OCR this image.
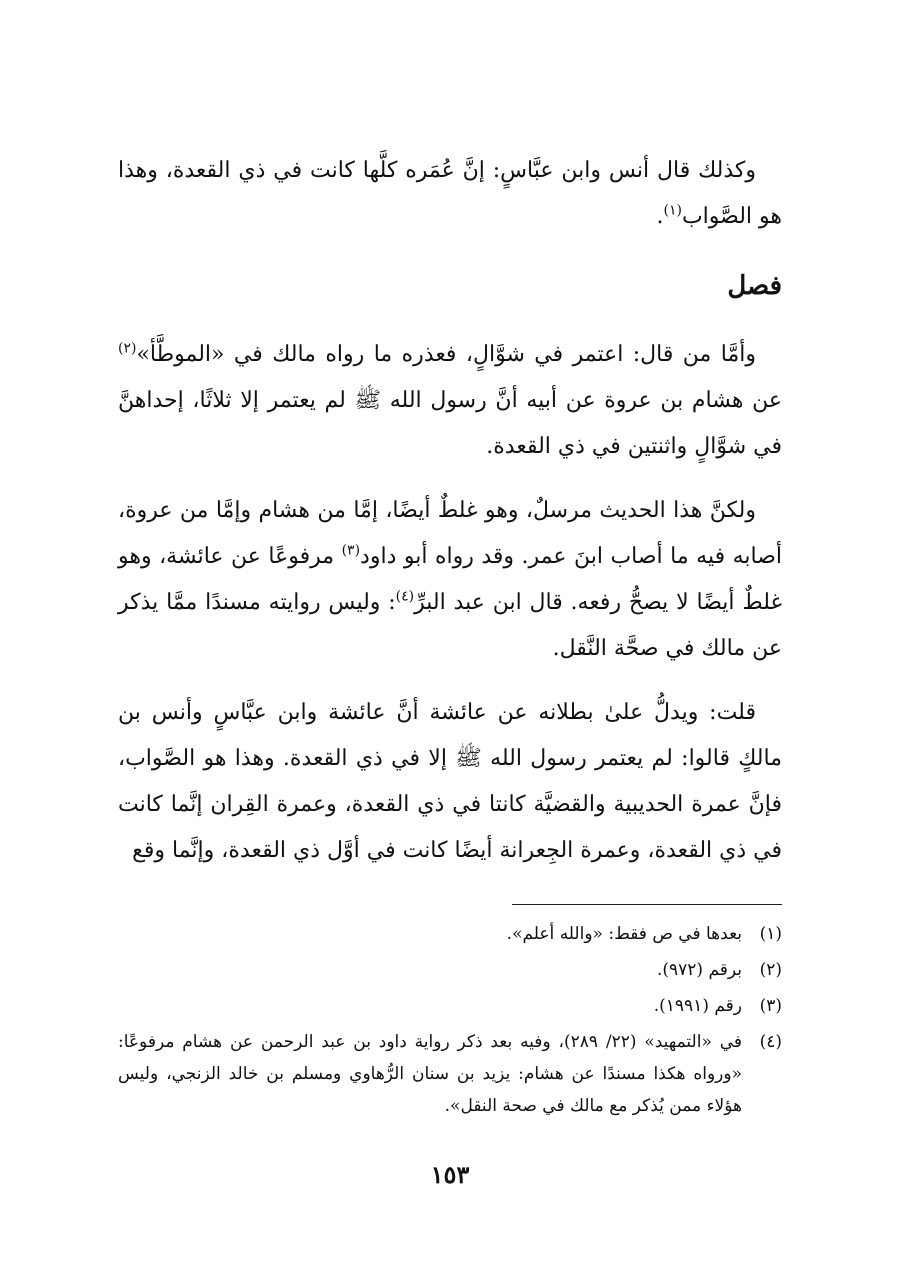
وكذلك قال أنس وابن عبَّاسٍ: إنَّ عُمَره كلَّها كانت في ذي القعدة، وهذا هو الصَّواب$^{(١)}$.

فصل

وأمَّا من قال: اعتمر في شوَّالٍ، فعذره ما رواه مالك في «الموطَّأ»$^{(٢)}$ عن هشام بن عروة عن أبيه أنَّ رسول الله ﷺ لم يعتمر إلا ثلاثًا، إحداهنَّ في شوَّالٍ واثنتين في ذي القعدة.

ولكنَّ هذا الحديث مرسلٌ، وهو غلطٌ أيضًا، إمَّا من هشام وإمَّا من عروة، أصابه فيه ما أصاب ابنَ عمر. وقد رواه أبو داود$^{(٣)}$ مرفوعًا عن عائشة، وهو غلطٌ أيضًا لا يصحُّ رفعه. قال ابن عبد البرِّ$^{(٤)}$: وليس روايته مسندًا ممَّا يذكر عن مالك في صحَّة النَّقل.

قلت: ويدلُّ علىٰ بطلانه عن عائشة أنَّ عائشة وابن عبَّاسٍ وأنس بن مالكٍ قالوا: لم يعتمر رسول الله ﷺ إلا في ذي القعدة. وهذا هو الصَّواب، فإنَّ عمرة الحديبية والقضيَّة كانتا في ذي القعدة، وعمرة القِران إنَّما كانت في ذي القعدة، وعمرة الجِعرانة أيضًا كانت في أوَّل ذي القعدة، وإنَّما وقع

(١)
بعدها في ص فقط: «والله أعلم».
(٢)
برقم (٩٧٢).
(٣)
رقم (١٩٩١).
(٤)
في «التمهيد» (٢٢/ ٢٨٩)، وفيه بعد ذكر رواية داود بن عبد الرحمن عن هشام مرفوعًا: «ورواه هكذا مسندًا عن هشام: يزيد بن سنان الرُّهاوي ومسلم بن خالد الزنجي، وليس هؤلاء ممن يُذكر مع مالك في صحة النقل».
١٥٣
